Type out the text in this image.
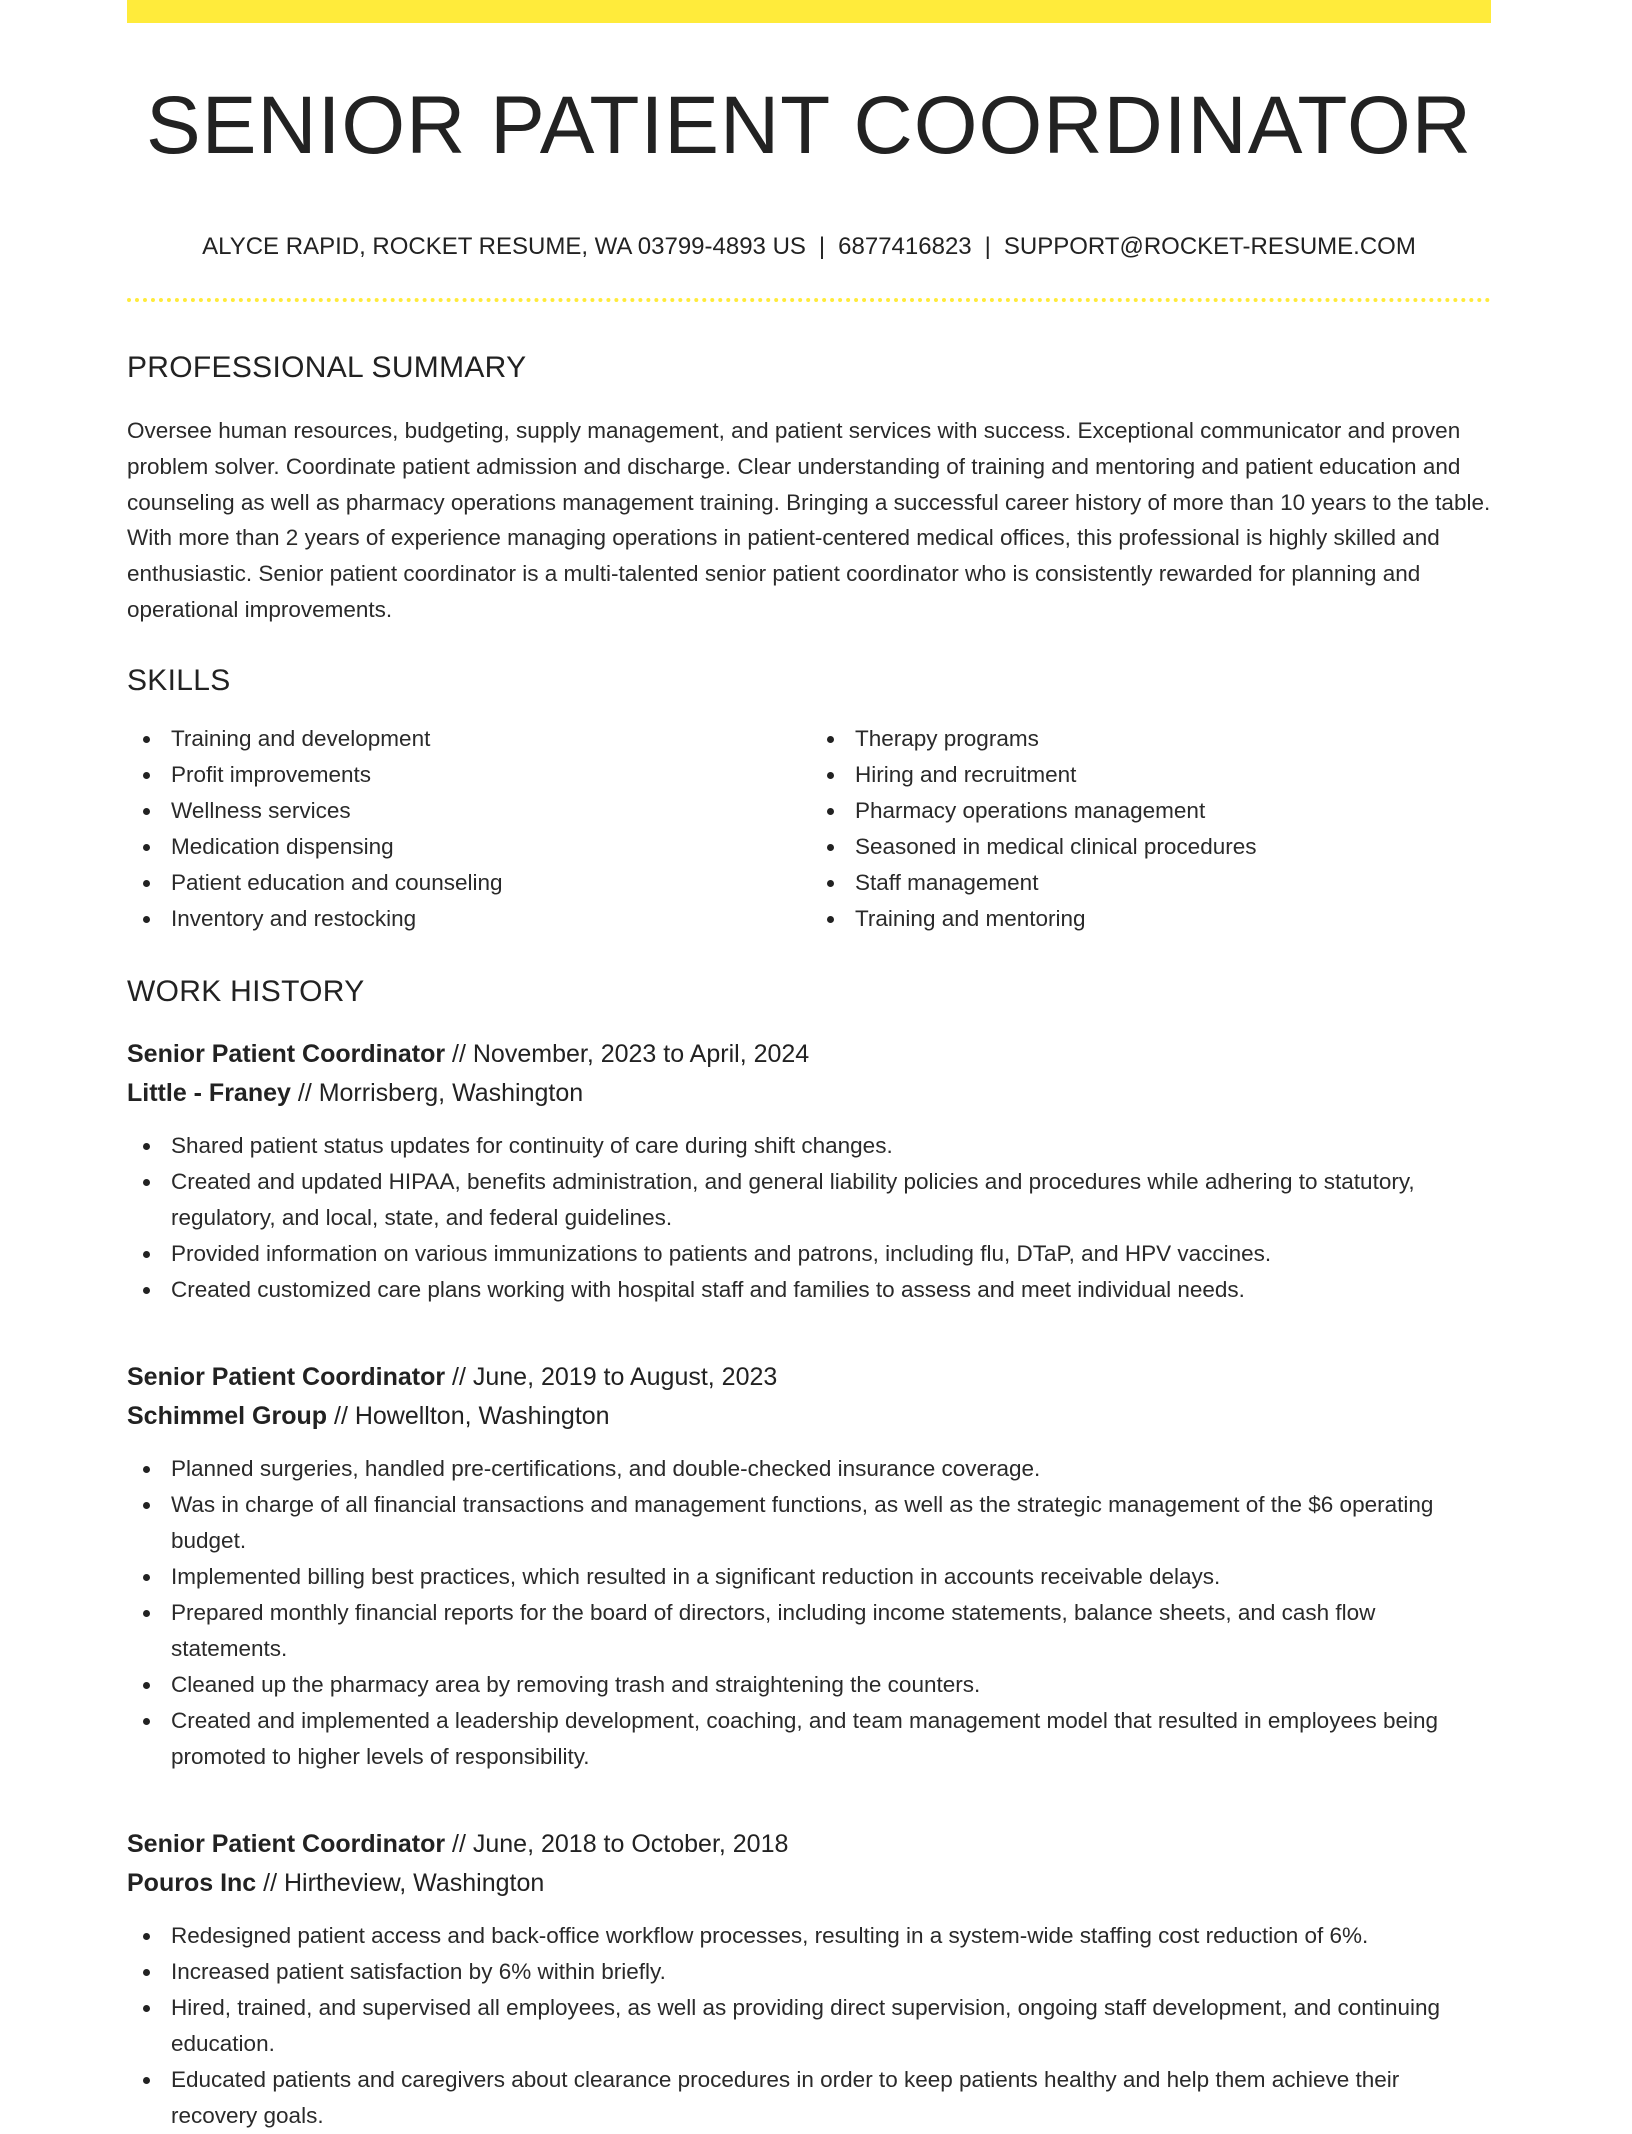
SENIOR PATIENT COORDINATOR
ALYCE RAPID, ROCKET RESUME, WA 03799-4893 US | 6877416823 | SUPPORT@ROCKET-RESUME.COM
PROFESSIONAL SUMMARY

Oversee human resources, budgeting, supply management, and patient services with success. Exceptional communicator and proven problem solver. Coordinate patient admission and discharge. Clear understanding of training and mentoring and patient education and counseling as well as pharmacy operations management training. Bringing a successful career history of more than 10 years to the table. With more than 2 years of experience managing operations in patient-centered medical offices, this professional is highly skilled and enthusiastic. Senior patient coordinator is a multi-talented senior patient coordinator who is consistently rewarded for planning and operational improvements.

SKILLS
Training and development
Profit improvements
Wellness services
Medication dispensing
Patient education and counseling
Inventory and restocking
Therapy programs
Hiring and recruitment
Pharmacy operations management
Seasoned in medical clinical procedures
Staff management
Training and mentoring
WORK HISTORY
Senior Patient Coordinator // November, 2023 to April, 2024
Little - Franey // Morrisberg, Washington
Shared patient status updates for continuity of care during shift changes.
Created and updated HIPAA, benefits administration, and general liability policies and procedures while adhering to statutory, regulatory, and local, state, and federal guidelines.
Provided information on various immunizations to patients and patrons, including flu, DTaP, and HPV vaccines.
Created customized care plans working with hospital staff and families to assess and meet individual needs.
Senior Patient Coordinator // June, 2019 to August, 2023
Schimmel Group // Howellton, Washington
Planned surgeries, handled pre-certifications, and double-checked insurance coverage.
Was in charge of all financial transactions and management functions, as well as the strategic management of the $6 operating budget.
Implemented billing best practices, which resulted in a significant reduction in accounts receivable delays.
Prepared monthly financial reports for the board of directors, including income statements, balance sheets, and cash flow statements.
Cleaned up the pharmacy area by removing trash and straightening the counters.
Created and implemented a leadership development, coaching, and team management model that resulted in employees being promoted to higher levels of responsibility.
Senior Patient Coordinator // June, 2018 to October, 2018
Pouros Inc // Hirtheview, Washington
Redesigned patient access and back-office workflow processes, resulting in a system-wide staffing cost reduction of 6%.
Increased patient satisfaction by 6% within briefly.
Hired, trained, and supervised all employees, as well as providing direct supervision, ongoing staff development, and continuing education.
Educated patients and caregivers about clearance procedures in order to keep patients healthy and help them achieve their recovery goals.
